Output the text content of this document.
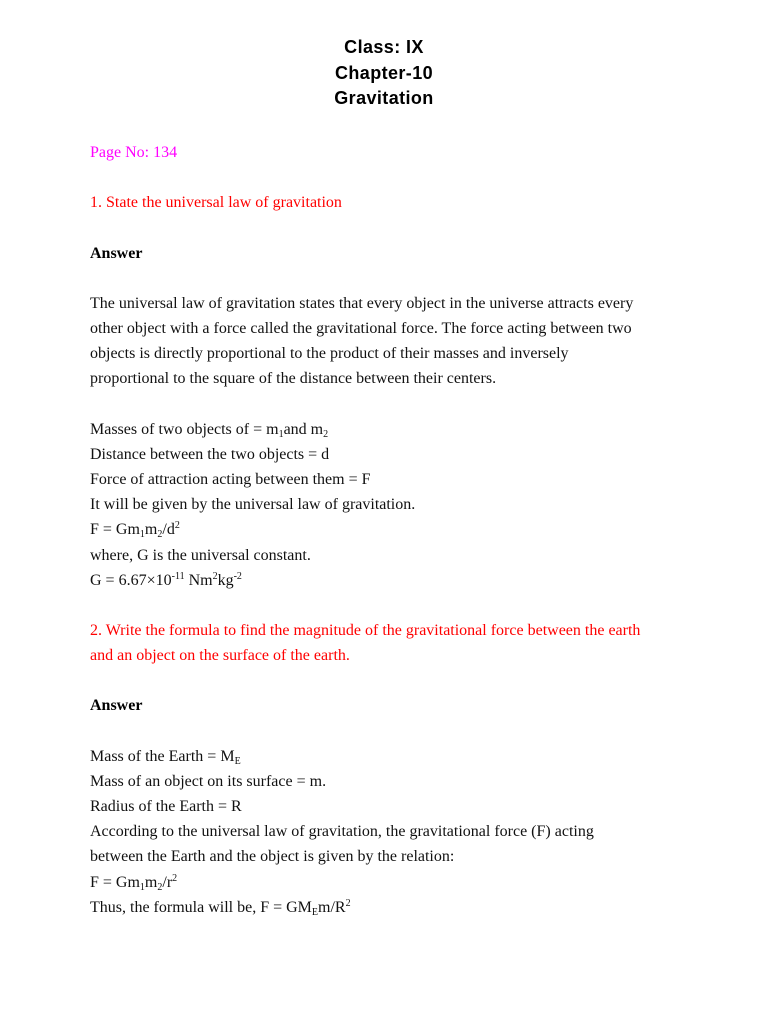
Class: IX
Chapter-10
Gravitation
Page No: 134
1. State the universal law of gravitation
Answer
The universal law of gravitation states that every object in the universe attracts every
other object with a force called the gravitational force. The force acting between two
objects is directly proportional to the product of their masses and inversely
proportional to the square of the distance between their centers.
Masses of two objects of = $m_1and$ $m_2$
Distance between the two objects = d
Force of attraction acting between them = F
It will be given by the universal law of gravitation.
$F = Gm_1m_2/d^2$
where, G is the universal constant.
$G = 6.67\times 10^{-11}$ $Nm^2kg^{-2}$
2. Write the formula to find the magnitude of the gravitational force between the earth
and an object on the surface of the earth.
Answer
Mass of the Earth = $M_E$
Mass of an object on its surface = m.
Radius of the Earth = R
According to the universal law of gravitation, the gravitational force (F) acting
between the Earth and the object is given by the relation:
$F = Gm_1m_2/r^2$
Thus, the formula will be, $F = GM_Em/R^2$
